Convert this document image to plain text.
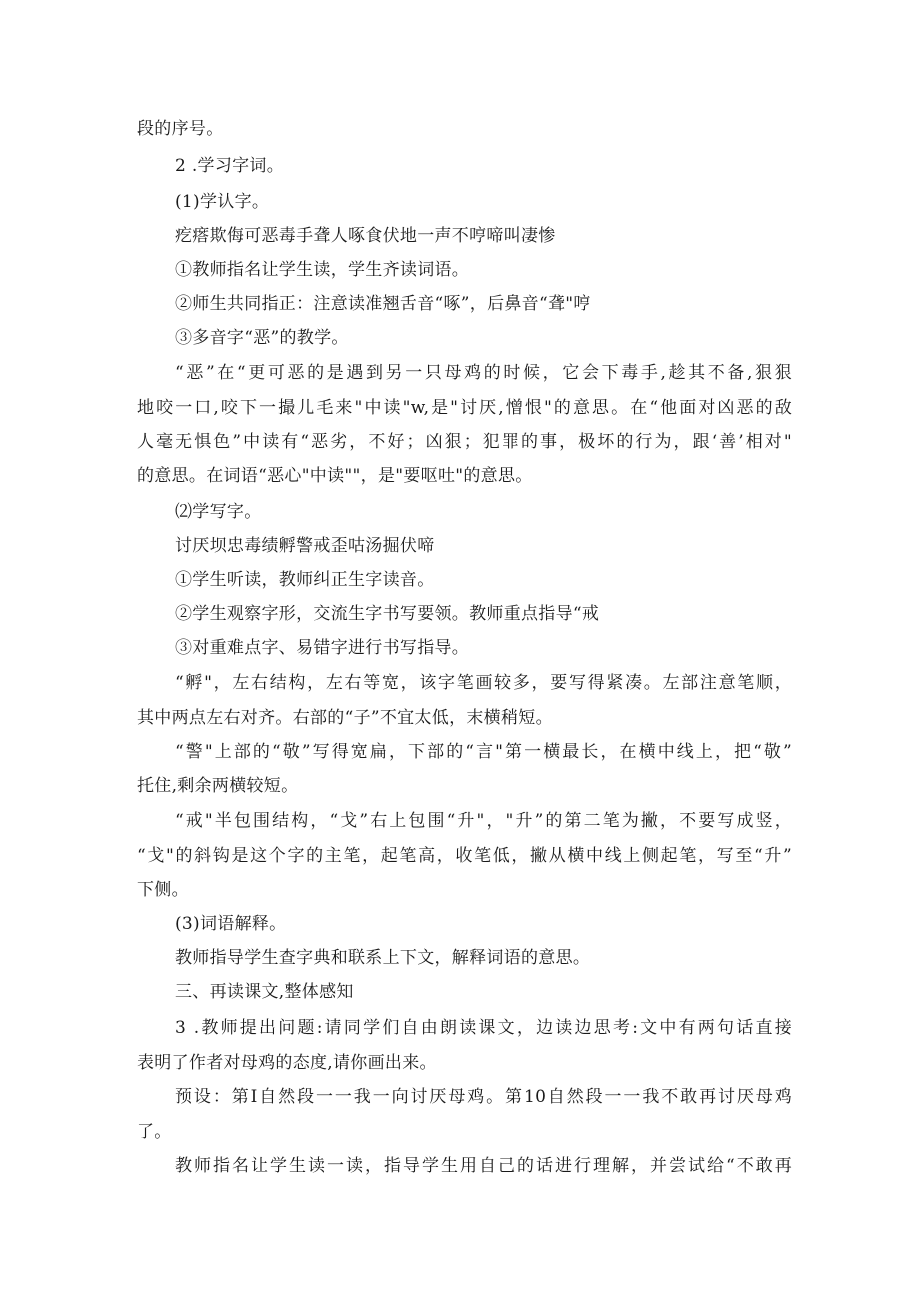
段的序号。
2 .学习字词。
(1)学认字。
疙瘩欺侮可恶毒手聋人啄食伏地一声不哼啼叫凄惨
①教师指名让学生读，学生齐读词语。
②师生共同指正：注意读准翘舌音“啄”，后鼻音“聋"哼
③多音字“恶”的教学。
“恶”在“更可恶的是遇到另一只母鸡的时候，它会下毒手,趁其不备,狠狠
地咬一口,咬下一撮儿毛来"中读"w,是"讨厌,憎恨"的意思。在“他面对凶恶的敌
人毫无惧色”中读有“恶劣，不好；凶狠；犯罪的事，极坏的行为，跟‘善’相对"
的意思。在词语“恶心"中读""，是"要呕吐"的意思。
⑵学写字。
讨厌坝忠毒绩孵警戒歪咕汤掘伏啼
①学生听读，教师纠正生字读音。
②学生观察字形，交流生字书写要领。教师重点指导“戒
③对重难点字、易错字进行书写指导。
“孵"，左右结构，左右等宽，该字笔画较多，要写得紧凑。左部注意笔顺，
其中两点左右对齐。右部的“子”不宜太低，末横稍短。
“警"上部的“敬”写得宽扁，下部的“言"第一横最长，在横中线上，把“敬”
托住,剩余两横较短。
“戒"半包围结构，“戈”右上包围“升"，"升”的第二笔为撇，不要写成竖，
“戈"的斜钩是这个字的主笔，起笔高，收笔低，撇从横中线上侧起笔，写至“升”
下侧。
(3)词语解释。
教师指导学生查字典和联系上下文，解释词语的意思。
三、再读课文,整体感知
3 .教师提出问题:请同学们自由朗读课文，边读边思考:文中有两句话直接
表明了作者对母鸡的态度,请你画出来。
预设：第I自然段一一我一向讨厌母鸡。第10自然段一一我不敢再讨厌母鸡
了。
教师指名让学生读一读，指导学生用自己的话进行理解，并尝试给“不敢再
